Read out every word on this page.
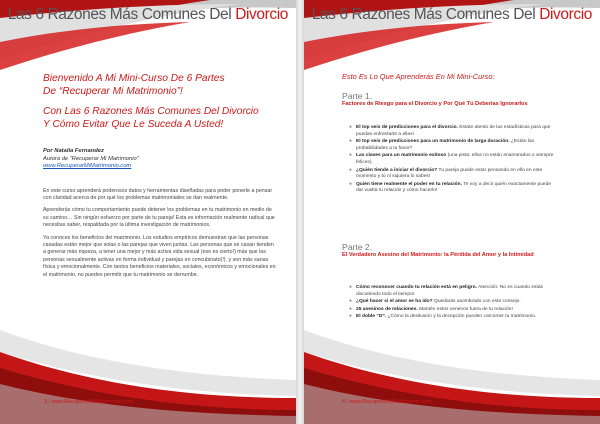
Las 6 Razones Más Comunes Del Divorcio

Bienvenido A Mi Mini-Curso De 6 Partes

De “Recuperar Mi Matrimonio”!

Con Las 6 Razones Más Comunes Del Divorcio

Y Cómo Evitar Que Le Suceda A Usted!

Por Natalia Fernandez
Autora de “Recuperar Mi Matrimonio”
www.RecuperarMiMatrimonio.com

En este curso aprenderá poderosos datos y herramientas diseñadas para poder ponerle a pensar con claridad acerca de por qué los problemas matrimoniales se dan realmente.

Aprenderás cómo tu comportamiento puede detener los problemas en tu matrimonio en medio de su camino… Sin ningún esfuerzo por parte de tu pareja! Esta es información realmente radical que necesitas saber, respaldada por la última investigación de matrimonios.

Ya conoces los beneficios del matrimonio. Los estudios empíricos demuestran que las personas casadas están mejor que solas o las parejas que viven juntas. Las personas que se casan tienden a generar más riqueza, a tener una mejor y más activa vida sexual (eso es cierto!) más que las personas sexualmente activas en forma individual y parejas en concubinato(!), y son más sanas física y emocionalmente. Con tantos beneficios materiales, sociales, económicos y emocionales en el matrimonio, no puedes permitir que tu matrimonio se derrumbe.

3 | www.RecuperarMiMatrimonio.com
Las 6 Razones Más Comunes Del Divorcio
Esto Es Lo Que Aprenderás En Mi Mini-Curso:
Parte 1.
Factores de Riesgo para el Divorcio y Por Qué Tú Deberías Ignorarlos
● El top seis de predicciones para el divorcio. Estate atento de las estadísticas para que puedas enfrentarte a ellas!
● El top seis de predicciones para un matrimonio de larga duración. ¿Están las probabilidades a tu favor?
● Las claves para un matrimonio exitoso (una pista: ellos no están enamorados o siempre felices).
● ¿Quién tiende a iniciar el divorcio? Tu pareja puede estar pensando en ello en este momento y tú ni siquiera lo sabes!
● Quién tiene realmente el poder en tu relación. Te voy a decir quién exactamente puede dar vuelta tu relación y cómo hacerlo!
Parte 2.
El Verdadero Asesino del Matrimonio: la Pérdida del Amor y la Intimidad
● Cómo reconocer cuando tu relación está en peligro. Atención: No es cuando estás discutiendo todo el tiempo!
● ¿Qué hacer si el amor se ha ido? Quedarás asombrado con este consejo.
● 25 asesinos de relaciones. Mantén estos venenos fuera de tu relación!
● El doble “D”. ¿Cómo la desilusión y la decepción pueden carcomer tu matrimonio.
4 | www.RecuperarMiMatrimonio.com
